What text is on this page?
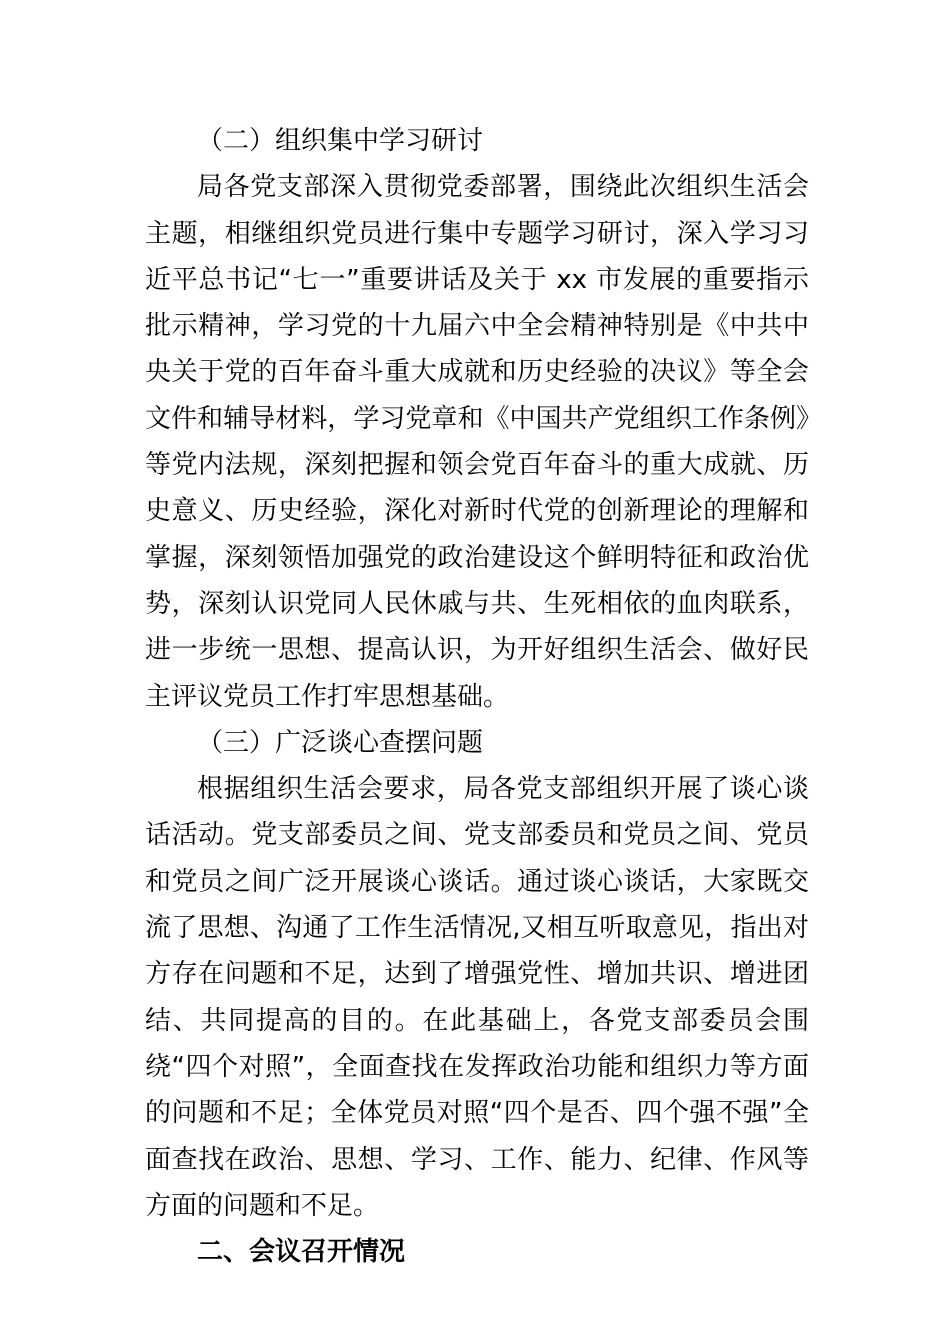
（二）组织集中学习研讨

局各党支部深入贯彻党委部署，围绕此次组织生活会主题，相继组织党员进行集中专题学习研讨，深入学习习近平总书记“七一”重要讲话及关于 xx 市发展的重要指示批示精神，学习党的十九届六中全会精神特别是《中共中央关于党的百年奋斗重大成就和历史经验的决议》等全会文件和辅导材料，学习党章和《中国共产党组织工作条例》等党内法规，深刻把握和领会党百年奋斗的重大成就、历史意义、历史经验，深化对新时代党的创新理论的理解和掌握，深刻领悟加强党的政治建设这个鲜明特征和政治优势，深刻认识党同人民休戚与共、生死相依的血肉联系，进一步统一思想、提高认识，为开好组织生活会、做好民主评议党员工作打牢思想基础。

（三）广泛谈心查摆问题

根据组织生活会要求，局各党支部组织开展了谈心谈话活动。党支部委员之间、党支部委员和党员之间、党员和党员之间广泛开展谈心谈话。通过谈心谈话，大家既交流了思想、沟通了工作生活情况,又相互听取意见，指出对方存在问题和不足，达到了增强党性、增加共识、增进团结、共同提高的目的。在此基础上，各党支部委员会围绕“四个对照”，全面查找在发挥政治功能和组织力等方面的问题和不足；全体党员对照“四个是否、四个强不强”全面查找在政治、思想、学习、工作、能力、纪律、作风等方面的问题和不足。

二、会议召开情况
